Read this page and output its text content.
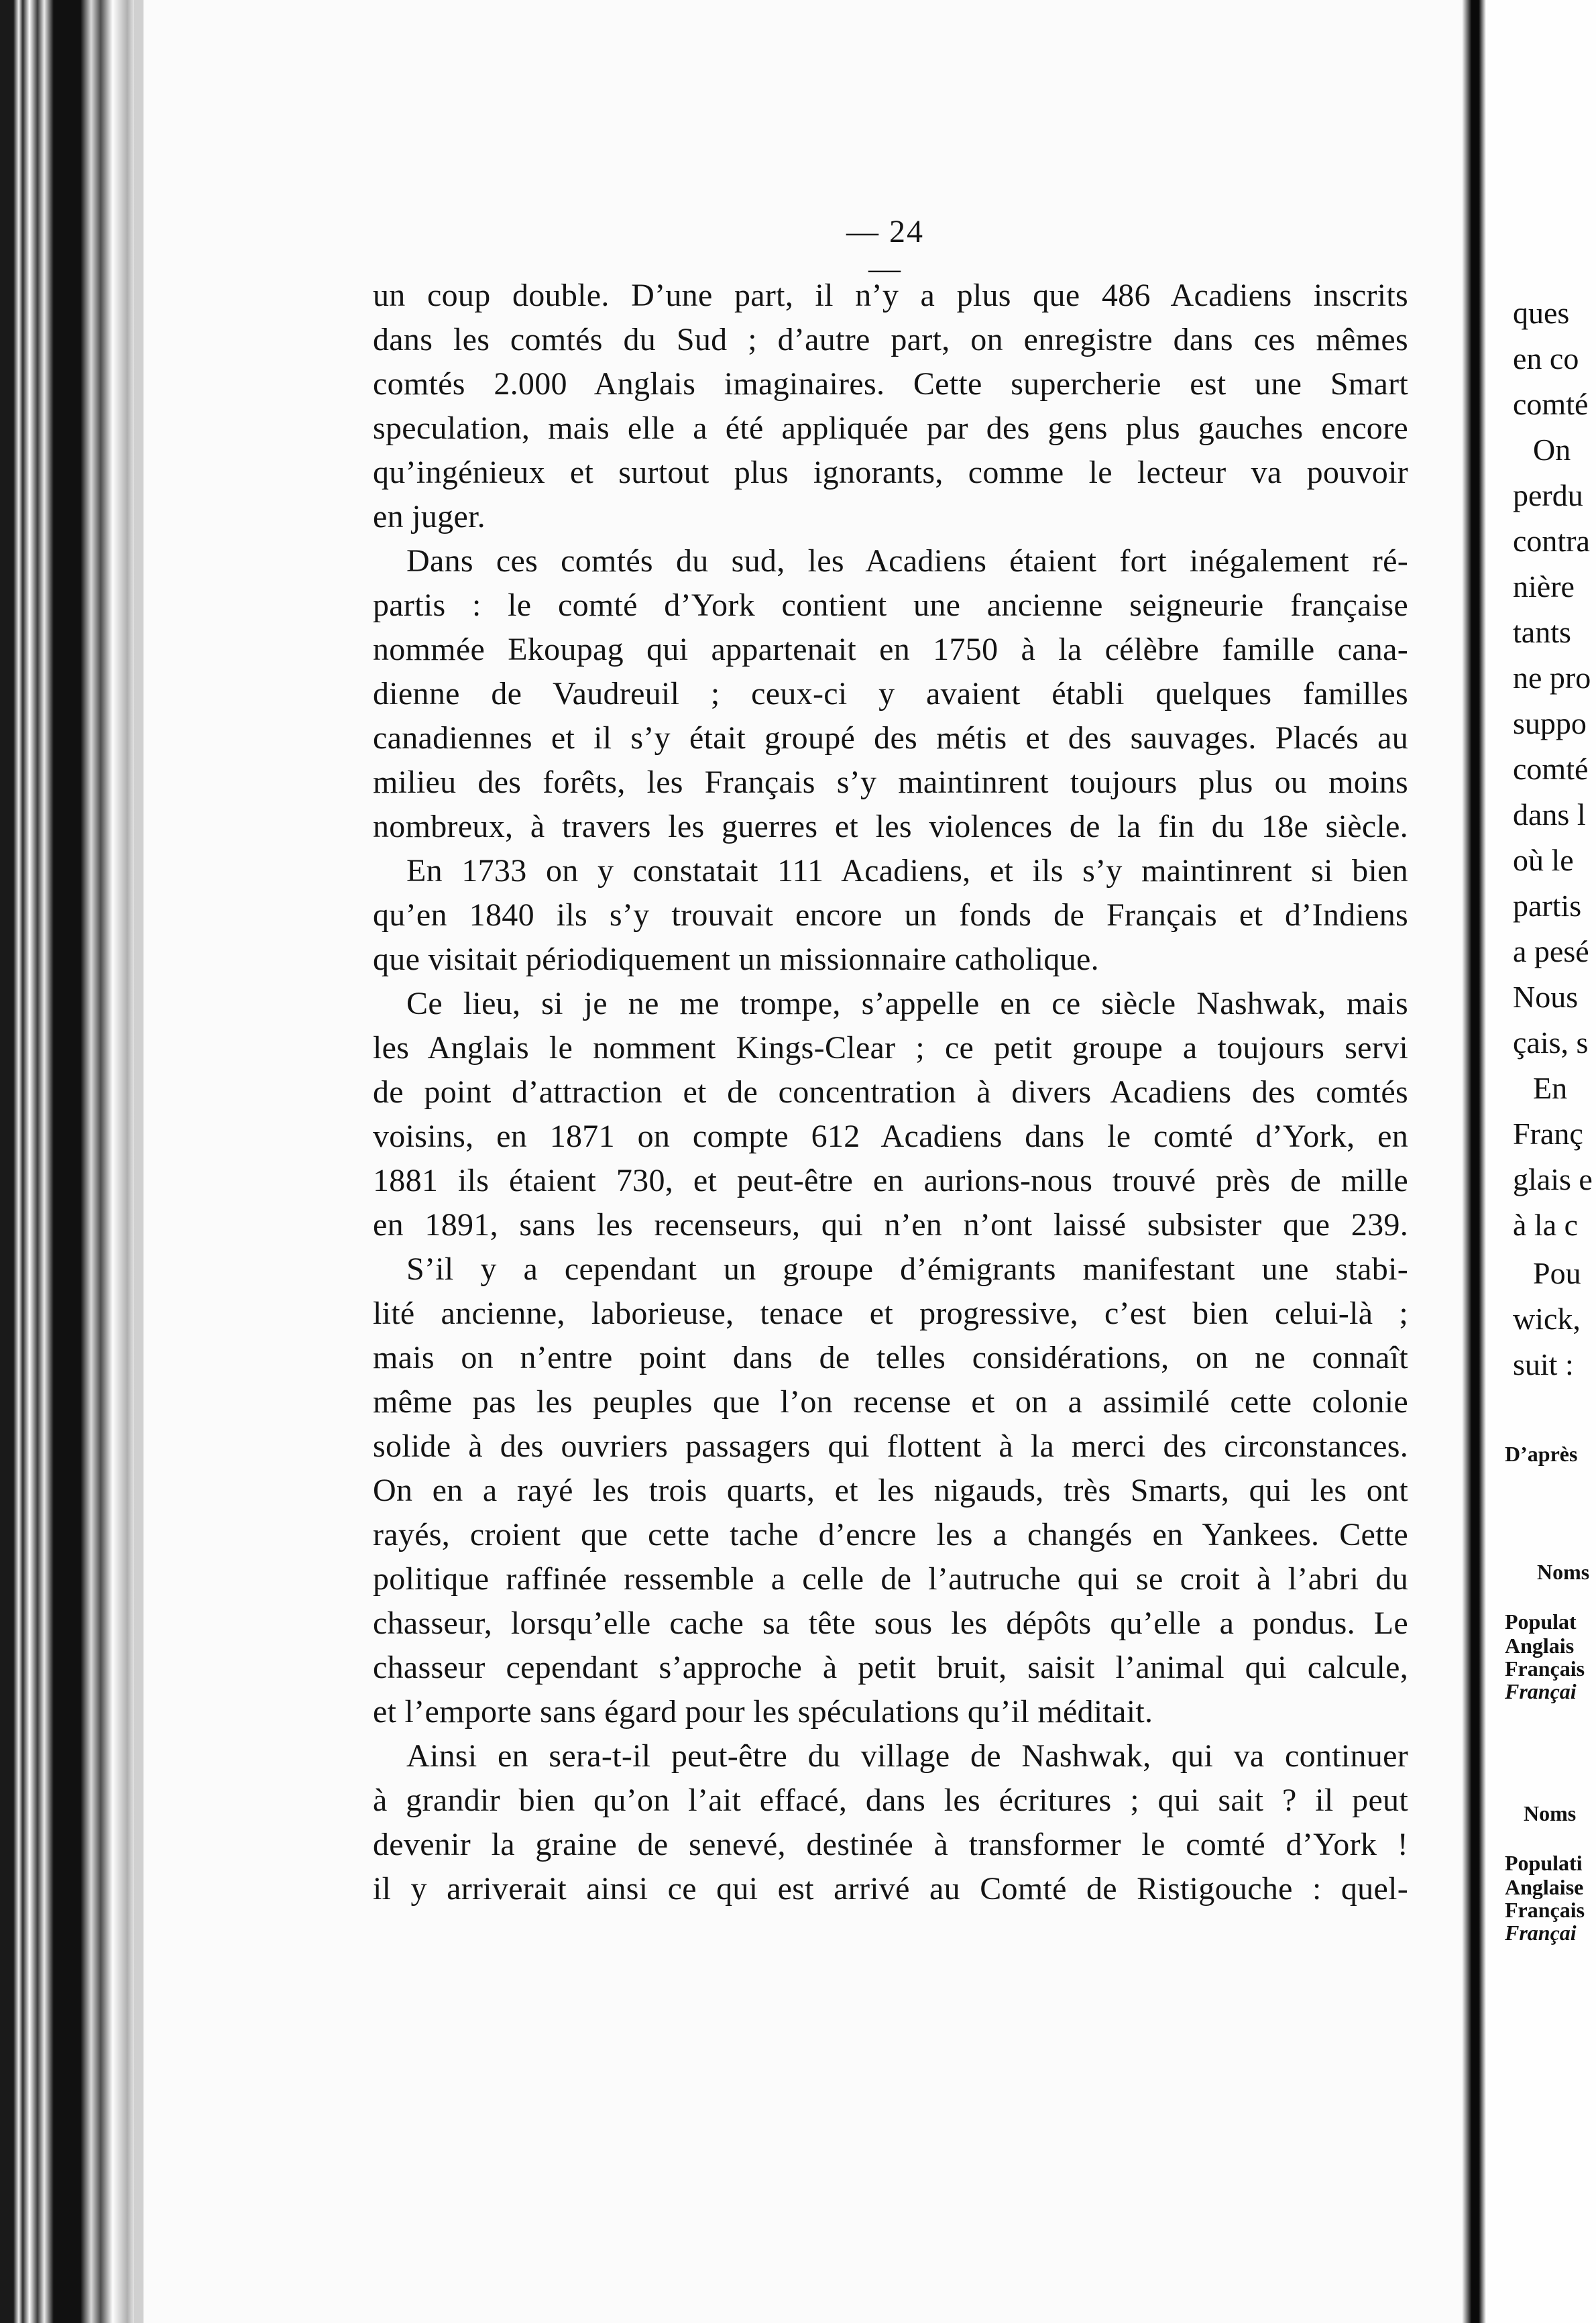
— 24 —
un coup double. D’une part, il n’y a plus que 486 Acadiens inscrits
dans les comtés du Sud ; d’autre part, on enregistre dans ces mêmes
comtés 2.000 Anglais imaginaires. Cette supercherie est une Smart
speculation, mais elle a été appliquée par des gens plus gauches encore
qu’ingénieux et surtout plus ignorants, comme le lecteur va pouvoir
en juger.
Dans ces comtés du sud, les Acadiens étaient fort inégalement ré-
partis : le comté d’York contient une ancienne seigneurie française
nommée Ekoupag qui appartenait en 1750 à la célèbre famille cana-
dienne de Vaudreuil ; ceux-ci y avaient établi quelques familles
canadiennes et il s’y était groupé des métis et des sauvages. Placés au
milieu des forêts, les Français s’y maintinrent toujours plus ou moins
nombreux, à travers les guerres et les violences de la fin du 18e siècle.
En 1733 on y constatait 111 Acadiens, et ils s’y maintinrent si bien
qu’en 1840 ils s’y trouvait encore un fonds de Français et d’Indiens
que visitait périodiquement un missionnaire catholique.
Ce lieu, si je ne me trompe, s’appelle en ce siècle Nashwak, mais
les Anglais le nomment Kings-Clear ; ce petit groupe a toujours servi
de point d’attraction et de concentration à divers Acadiens des comtés
voisins, en 1871 on compte 612 Acadiens dans le comté d’York, en
1881 ils étaient 730, et peut-être en aurions-nous trouvé près de mille
en 1891, sans les recenseurs, qui n’en n’ont laissé subsister que 239.
S’il y a cependant un groupe d’émigrants manifestant une stabi-
lité ancienne, laborieuse, tenace et progressive, c’est bien celui-là ;
mais on n’entre point dans de telles considérations, on ne connaît
même pas les peuples que l’on recense et on a assimilé cette colonie
solide à des ouvriers passagers qui flottent à la merci des circonstances.
On en a rayé les trois quarts, et les nigauds, très Smarts, qui les ont
rayés, croient que cette tache d’encre les a changés en Yankees. Cette
politique raffinée ressemble a celle de l’autruche qui se croit à l’abri du
chasseur, lorsqu’elle cache sa tête sous les dépôts qu’elle a pondus. Le
chasseur cependant s’approche à petit bruit, saisit l’animal qui calcule,
et l’emporte sans égard pour les spéculations qu’il méditait.
Ainsi en sera-t-il peut-être du village de Nashwak, qui va continuer
à grandir bien qu’on l’ait effacé, dans les écritures ; qui sait ? il peut
devenir la graine de senevé, destinée à transformer le comté d’York !
il y arriverait ainsi ce qui est arrivé au Comté de Ristigouche : quel-
ques
en co
comté
On
perdu
contra
nière
tants
ne pro
suppo
comté
dans l
où le
partis
a pesé
Nous
çais, s
En
Franç
glais e
à la c
Pou
wick,
suit :
D’après
Noms
Populat
Anglais
Français
Françai
Noms
Populati
Anglaise
Français
Françai
